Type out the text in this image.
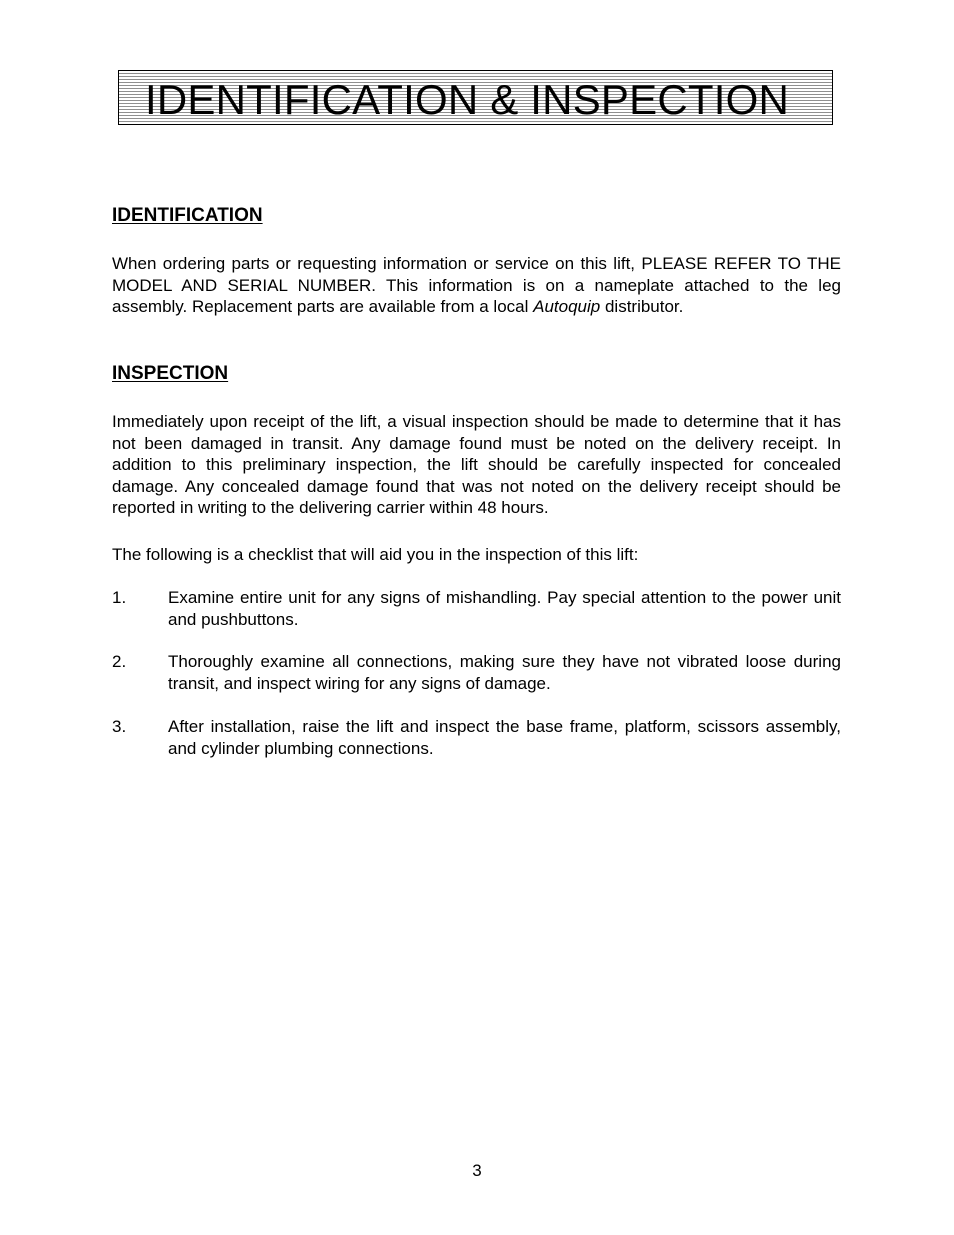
IDENTIFICATION & INSPECTION
IDENTIFICATION
When ordering parts or requesting information or service on this lift, PLEASE REFER TO THE MODEL AND SERIAL NUMBER. This information is on a nameplate attached to the leg assembly. Replacement parts are available from a local Autoquip distributor.
INSPECTION
Immediately upon receipt of the lift, a visual inspection should be made to determine that it has not been damaged in transit. Any damage found must be noted on the delivery receipt. In addition to this preliminary inspection, the lift should be carefully inspected for concealed damage. Any concealed damage found that was not noted on the delivery receipt should be reported in writing to the delivering carrier within 48 hours.
The following is a checklist that will aid you in the inspection of this lift:
1. Examine entire unit for any signs of mishandling. Pay special attention to the power unit and pushbuttons.
2. Thoroughly examine all connections, making sure they have not vibrated loose during transit, and inspect wiring for any signs of damage.
3. After installation, raise the lift and inspect the base frame, platform, scissors assembly, and cylinder plumbing connections.
3
